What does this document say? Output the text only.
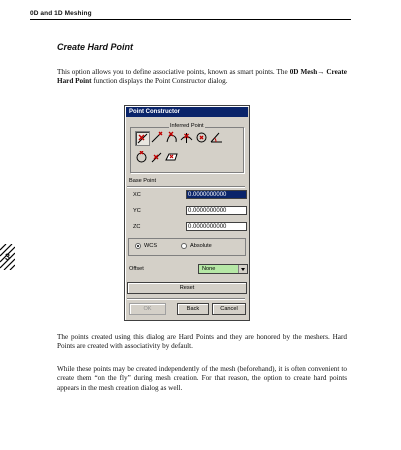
0D and 1D Meshing
3
Create Hard Point
This option allows you to define associative points, known as smart points. The 0D Mesh→ Create Hard Point function displays the Point Constructor dialog.
Point Constructor
Inferred Point
Base Point
XC	0.0000000000
YC	0.0000000000
ZC	0.0000000000
WCS	Absolute
Offset	None
Reset
OK	Back	Cancel
The points created using this dialog are Hard Points and they are honored by the meshers. Hard Points are created with associativity by default.
While these points may be created independently of the mesh (beforehand), it is often convenient to create them “on the fly” during mesh creation. For that reason, the option to create hard points appears in the mesh creation dialog as well.
